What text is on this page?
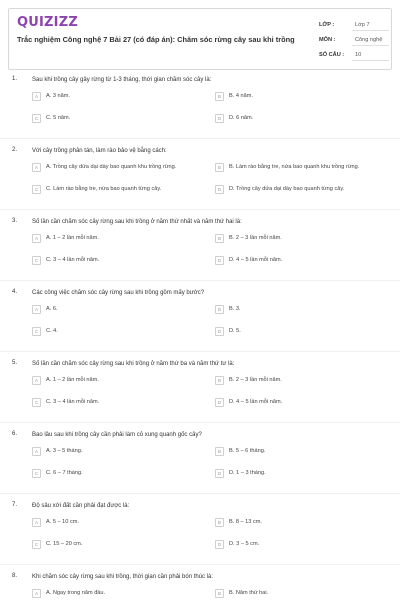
QUIZIZZ
Trắc nghiệm Công nghệ 7 Bài 27 (có đáp án): Chăm sóc rừng cây sau khi trồng
LỚP :	Lớp 7
MÔN :	Công nghệ
SỐ CÂU :	10
1. Sau khi trồng cây gây rừng từ 1-3 tháng, thời gian chăm sóc cây là:
A	A. 3 năm.	B	B. 4 năm.
C	C. 5 năm.	D	D. 6 năm.
2. Với cây trồng phân tán, làm rào bảo vệ bằng cách:
A	A. Trồng cây dứa dại dày bao quanh khu trồng rừng.	B	B. Làm rào bằng tre, nứa bao quanh khu trồng rừng.
C	C. Làm rào bằng tre, nứa bao quanh từng cây.	D	D. Trồng cây dứa dại dày bao quanh từng cây.
3. Số lần cần chăm sóc cây rừng sau khi trồng ở năm thứ nhất và năm thứ hai là:
A	A. 1 – 2 lần mỗi năm.	B	B. 2 – 3 lần mỗi năm.
C	C. 3 – 4 lần mỗi năm.	D	D. 4 – 5 lần mỗi năm.
4. Các công việc chăm sóc cây rừng sau khi trồng gồm mấy bước?
A	A. 6.	B	B. 3.
C	C. 4.	D	D. 5.
5. Số lần cần chăm sóc cây rừng sau khi trồng ở năm thứ ba và năm thứ tư là:
A	A. 1 – 2 lần mỗi năm.	B	B. 2 – 3 lần mỗi năm.
C	C. 3 – 4 lần mỗi năm.	D	D. 4 – 5 lần mỗi năm.
6. Bao lâu sau khi trồng cây cần phải làm cỏ xung quanh gốc cây?
A	A. 3 – 5 tháng.	B	B. 5 – 6 tháng.
C	C. 6 – 7 tháng.	D	D. 1 – 3 tháng.
7. Độ sâu xới đất cần phải đạt được là:
A	A. 5 – 10 cm.	B	B. 8 – 13 cm.
C	C. 15 – 20 cm.	D	D. 3 – 5 cm.
8. Khi chăm sóc cây rừng sau khi trồng, thời gian cần phải bón thúc là:
A	A. Ngay trong năm đầu.	B	B. Năm thứ hai.
